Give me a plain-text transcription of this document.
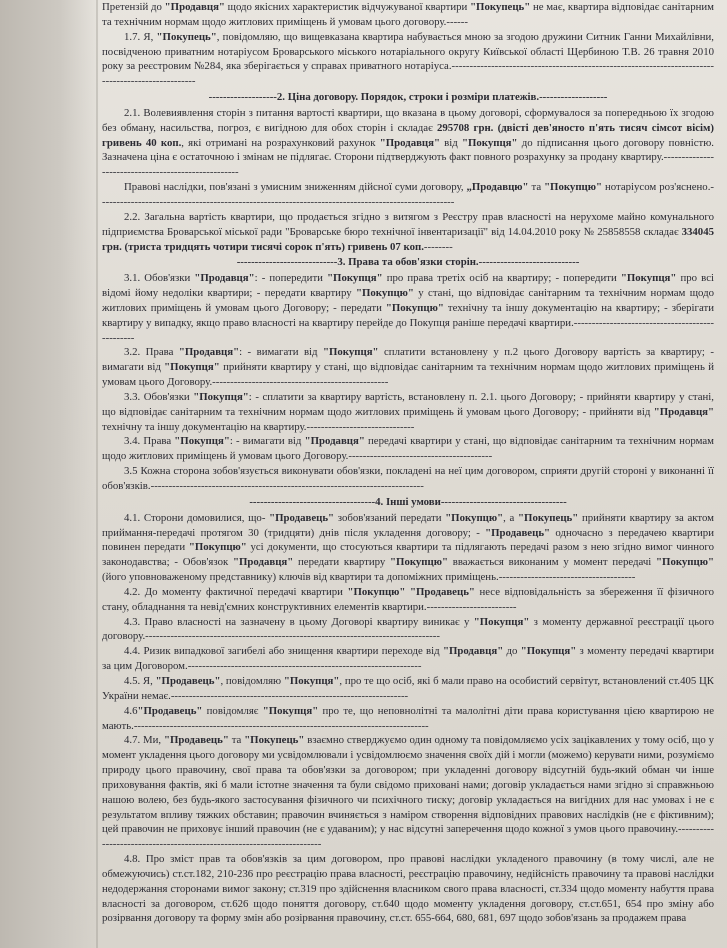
Претензій до "Продавця" щодо якісних характеристик відчужуваної квартири "Покупець" не має, квартира відповідає санітарним та технічним нормам щодо житлових приміщень й умовам цього договору.------

1.7. Я, "Покупець", повідомляю, що вищевказана квартира набувається мною за згодою дружини Ситник Ганни Михайлівни, посвідченою приватним нотаріусом Броварського міського нотаріального округу Київської області Щербиною Т.В. 26 травня 2010 року за реєстровим №284, яка зберігається у справах приватного нотаріуса.---------------------------------------------------------------------------------------------------

-------------------2. Ціна договору. Порядок, строки і розміри платежів.-------------------

2.1. Волевиявлення сторін з питання вартості квартири, що вказана в цьому договорі, сформувалося за попередньою їх згодою без обману, насильства, погроз, є вигідною для обох сторін і складає 295708 грн. (двісті дев'яносто п'ять тисяч сімсот вісім) гривень 40 коп., які отримані на розрахунковий рахунок "Продавця" від "Покупця" до підписання цього договору повністю. Зазначена ціна є остаточною і змінам не підлягає. Сторони підтверджують факт повного розрахунку за продану квартиру.----------------------------------------------------

Правові наслідки, пов'язані з умисним зниженням дійсної суми договору, „Продавцю" та "Покупцю" нотаріусом роз'яснено.---------------------------------------------------------------------------------------------------

2.2. Загальна вартість квартири, що продається згідно з витягом з Реєстру прав власності на нерухоме майно комунального підприємства Броварської міської ради "Броварське бюро технічної інвентаризації" від 14.04.2010 року № 25858558 складає 334045 грн. (триста тридцять чотири тисячі сорок п'ять) гривень 07 коп.--------

----------------------------3. Права та обов'язки сторін.----------------------------

3.1. Обов'язки "Продавця": - попередити "Покупця" про права третіх осіб на квартиру; - попередити "Покупця" про всі відомі йому недоліки квартири; - передати квартиру "Покупцю" у стані, що відповідає санітарним та технічним нормам щодо житлових приміщень й умовам цього Договору; - передати "Покупцю" технічну та іншу документацію на квартиру; - зберігати квартиру у випадку, якщо право власності на квартиру перейде до Покупця раніше передачі квартири.------------------------------------------------

3.2. Права "Продавця": - вимагати від "Покупця" сплатити встановлену у п.2 цього Договору вартість за квартиру; - вимагати від "Покупця" прийняти квартиру у стані, що відповідає санітарним та технічним нормам щодо житлових приміщень й умовам цього Договору.-------------------------------------------------

3.3. Обов'язки "Покупця": - сплатити за квартиру вартість, встановлену п. 2.1. цього Договору; - прийняти квартиру у стані, що відповідає санітарним та технічним нормам щодо житлових приміщень й умовам цього Договору; - прийняти від "Продавця" технічну та іншу документацію на квартиру.------------------------------

3.4. Права "Покупця": - вимагати від "Продавця" передачі квартири у стані, що відповідає санітарним та технічним нормам щодо житлових приміщень й умовам цього Договору.----------------------------------------

3.5 Кожна сторона зобов'язується виконувати обов'язки, покладені на неї цим договором, сприяти другій стороні у виконанні її обов'язків.----------------------------------------------------------------------------

-----------------------------------4. Інші умови-----------------------------------

4.1. Сторони домовилися, що- "Продавець" зобов'язаний передати "Покупцю", а "Покупець" прийняти квартиру за актом приймання-передачі протягом 30 (тридцяти) днів після укладення договору; - "Продавець" одночасно з передачею квартири повинен передати "Покупцю" усі документи, що стосуються квартири та підлягають передачі разом з нею згідно вимог чинного законодавства; - Обов'язок "Продавця" передати квартиру "Покупцю" вважається виконаним у момент передачі "Покупцю" (його уповноваженому представнику) ключів від квартири та допоміжних приміщень.--------------------------------------

4.2. До моменту фактичної передачі квартири "Покупцю" "Продавець" несе відповідальність за збереження її фізичного стану, обладнання та невід'ємних конструктивних елементів квартири.-------------------------

4.3. Право власності на зазначену в цьому Договорі квартиру виникає у "Покупця" з моменту державної реєстрації цього договору.----------------------------------------------------------------------------------

4.4. Ризик випадкової загибелі або знищення квартири переходе від "Продавця" до "Покупця" з моменту передачі квартири за цим Договором.-----------------------------------------------------------------

4.5. Я, "Продавець", повідомляю "Покупця", про те що осіб, які б мали право на особистий сервітут, встановлений ст.405 ЦК України немає.------------------------------------------------------------------

4.6"Продавець" повідомляє "Покупця" про те, що неповнолітні та малолітні діти права користування цією квартирою не мають.----------------------------------------------------------------------------------

4.7. Ми, "Продавець" та "Покупець" взаємно стверджуємо один одному та повідомляємо усіх зацікавлених у тому осіб, що у момент укладення цього договору ми усвідомлювали і усвідомлюємо значення своїх дій і могли (можемо) керувати ними, розуміємо природу цього правочину, свої права та обов'язки за договором; при укладенні договору відсутній будь-який обман чи інше приховування фактів, які б мали істотне значення та були свідомо приховані нами; договір укладається нами згідно зі справжньою нашою волею, без будь-якого застосування фізичного чи психічного тиску; договір укладається на вигідних для нас умовах і не є результатом впливу тяжких обставин; правочин вчиняється з наміром створення відповідних правових наслідків (не є фіктивним); цей правочин не приховує інший правочин (не є удаваним); у нас відсутні заперечення щодо кожної з умов цього правочину.-----------------------------------------------------------------------

4.8. Про зміст прав та обов'язків за цим договором, про правові наслідки укладеного правочину (в тому числі, але не обмежуючись) ст.ст.182, 210-236 про реєстрацію права власності, реєстрацію правочину, недійсність правочину та правові наслідки недодержання сторонами вимог закону; ст.319 про здійснення власником свого права власності, ст.334 щодо моменту набуття права власності за договором, ст.626 щодо поняття договору, ст.640 щодо моменту укладення договору, ст.ст.651, 654 про зміну або розірвання договору та форму змін або розірвання правочину, ст.ст. 655-664, 680, 681, 697 щодо зобов'язань за продажем права
